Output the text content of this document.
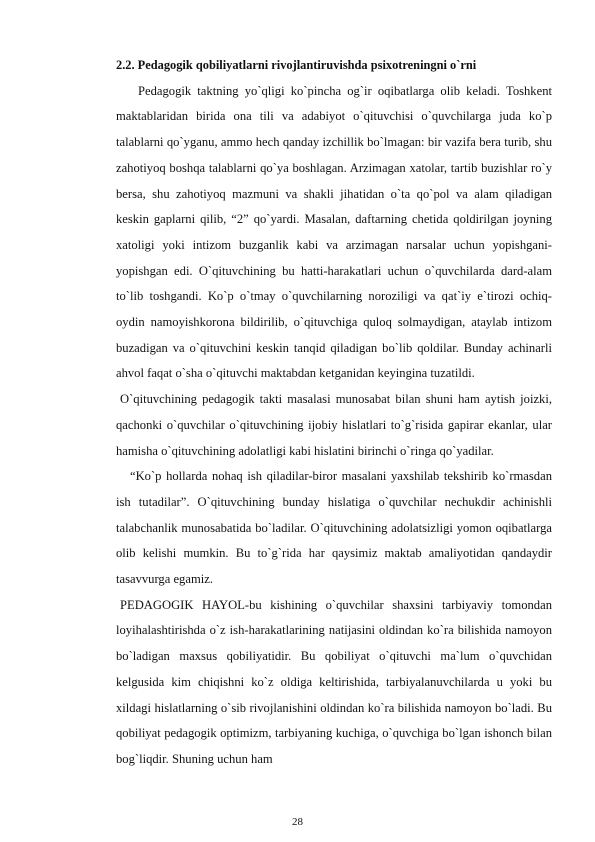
2.2. Pedagogik qobiliyatlarni rivojlantiruvishda psixotreningni o`rni

Pedagogik taktning yo`qligi ko`pincha og`ir oqibatlarga olib keladi. Toshkent maktablaridan birida ona tili va adabiyot o`qituvchisi o`quvchilarga juda ko`p talablarni qo`yganu, ammo hech qanday izchillik bo`lmagan: bir vazifa bera turib, shu zahotiyoq boshqa talablarni qo`ya boshlagan. Arzimagan xatolar, tartib buzishlar ro`y bersa, shu zahotiyoq mazmuni va shakli jihatidan o`ta qo`pol va alam qiladigan keskin gaplarni qilib, “2” qo`yardi. Masalan, daftarning chetida qoldirilgan joyning xatoligi yoki intizom buzganlik kabi va arzimagan narsalar uchun yopishgani-yopishgan edi. O`qituvchining bu hatti-harakatlari uchun o`quvchilarda dard-alam to`lib toshgandi. Ko`p o`tmay o`quvchilarning noroziligi va qat`iy e`tirozi ochiq-oydin namoyishkorona bildirilib, o`qituvchiga quloq solmaydigan, ataylab intizom buzadigan va o`qituvchini keskin tanqid qiladigan bo`lib qoldilar. Bunday achinarli ahvol faqat o`sha o`qituvchi maktabdan ketganidan keyingina tuzatildi.

O`qituvchining pedagogik takti masalasi munosabat bilan shuni ham aytish joizki, qachonki o`quvchilar o`qituvchining ijobiy hislatlari to`g`risida gapirar ekanlar, ular hamisha o`qituvchining adolatligi kabi hislatini birinchi o`ringa qo`yadilar.

“Ko`p hollarda nohaq ish qiladilar-biror masalani yaxshilab tekshirib ko`rmasdan ish tutadilar”. O`qituvchining bunday hislatiga o`quvchilar nechukdir achinishli talabchanlik munosabatida bo`ladilar. O`qituvchining adolatsizligi yomon oqibatlarga olib kelishi mumkin. Bu to`g`rida har qaysimiz maktab amaliyotidan qandaydir tasavvurga egamiz.

PEDAGOGIK HAYOL-bu kishining o`quvchilar shaxsini tarbiyaviy tomondan loyihalashtirishda o`z ish-harakatlarining natijasini oldindan ko`ra bilishida namoyon bo`ladigan maxsus qobiliyatidir. Bu qobiliyat o`qituvchi ma`lum o`quvchidan kelgusida kim chiqishni ko`z oldiga keltirishida, tarbiyalanuvchilarda u yoki bu xildagi hislatlarning o`sib rivojlanishini oldindan ko`ra bilishida namoyon bo`ladi. Bu qobiliyat pedagogik optimizm, tarbiyaning kuchiga, o`quvchiga bo`lgan ishonch bilan bog`liqdir. Shuning uchun ham

28
